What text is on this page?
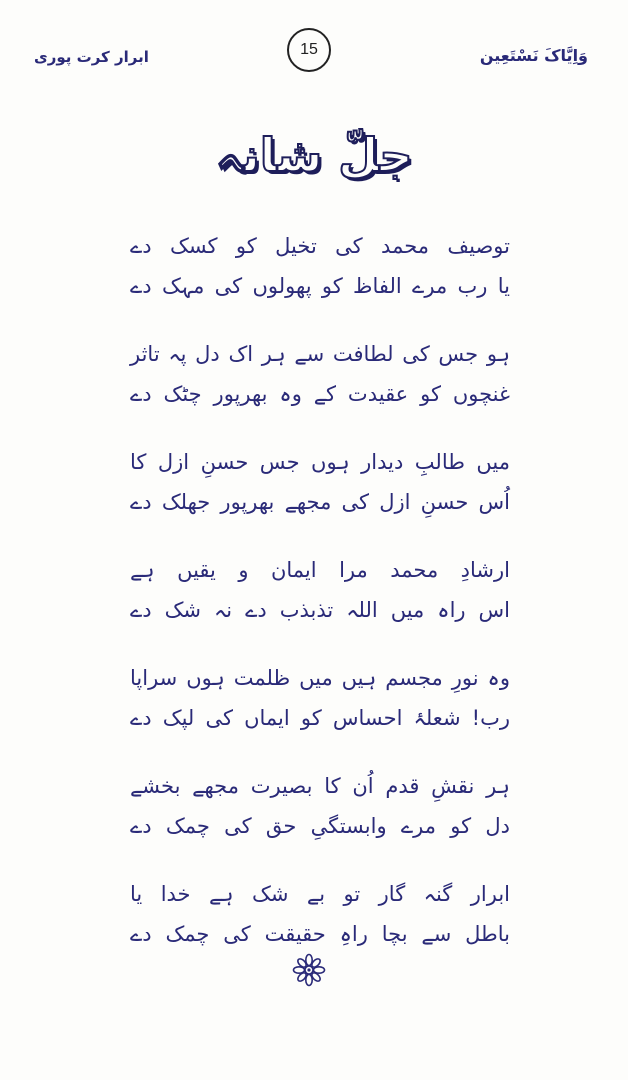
ابرار کرت پوری	15	وَاِیَّاکَ نَسْتَعِین
جلّ شانہ
توصیف محمد کی تخیل کو کسک دے
یا رب مرے الفاظ کو پھولوں کی مہک دے
ہو جس کی لطافت سے ہر اک دل پہ تاثر
غنچوں کو عقیدت کے وہ بھرپور چٹک دے
میں طالبِ دیدار ہوں جس حسنِ ازل کا
اُس حسنِ ازل کی مجھے بھرپور جھلک دے
ارشادِ محمد مرا ایمان و یقیں ہے
اس راہ میں اللہ تذبذب دے نہ شک دے
وہ نورِ مجسم ہیں میں ظلمت ہوں سراپا
رب! شعلۂ احساس کو ایماں کی لپک دے
ہر نقشِ قدم اُن کا بصیرت مجھے بخشے
دل کو مرے وابستگیِ حق کی چمک دے
ابرار گنہ گار تو بے شک ہے خدا یا
باطل سے بچا راہِ حقیقت کی چمک دے
